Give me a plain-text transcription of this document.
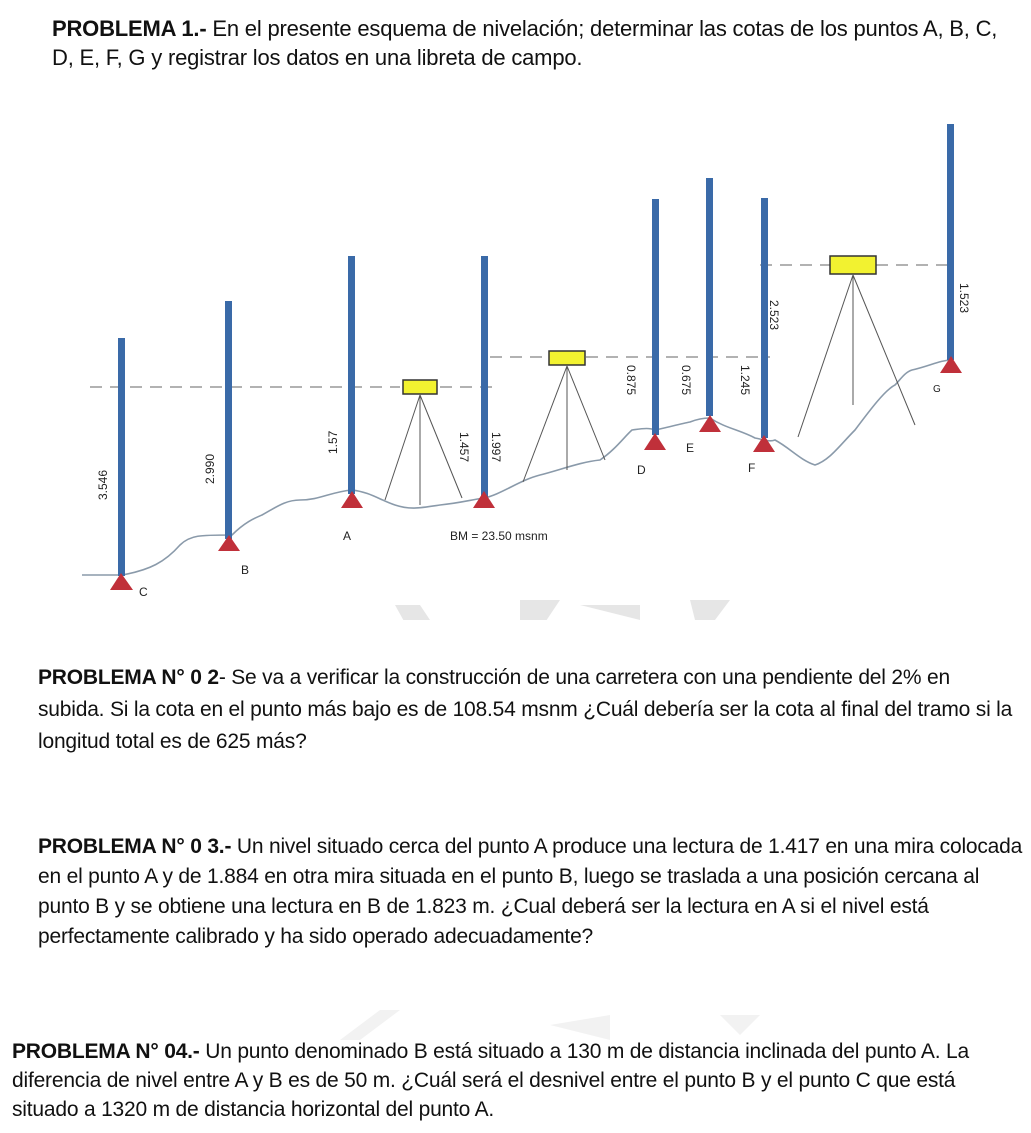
PROBLEMA 1.- En el presente esquema de nivelación; determinar las cotas de los puntos A, B, C, D, E, F, G y registrar los datos en una libreta de campo.
3.546
2.990
1.57	1.457 1.997
0.875	0.675	1.245
2.523
1.523
C
B
A	BM = 23.50 msnm
D
E
F
G
PROBLEMA N° 0 2- Se va a verificar la construcción de una carretera con una pendiente del 2% en subida. Si la cota en el punto más bajo es de 108.54 msnm ¿Cuál debería ser la cota al final del tramo si la longitud total es de 625 más?
PROBLEMA N° 0 3.- Un nivel situado cerca del punto A produce una lectura de 1.417 en una mira colocada en el punto A y de 1.884 en otra mira situada en el punto B, luego se traslada a una posición cercana al punto B y se obtiene una lectura en B de 1.823 m. ¿Cual deberá ser la lectura en A si el nivel está perfectamente calibrado y ha sido operado adecuadamente?
PROBLEMA N° 04.- Un punto denominado B está situado a 130 m de distancia inclinada del punto A. La diferencia de nivel entre A y B es de 50 m. ¿Cuál será el desnivel entre el punto B y el punto C que está situado a 1320 m de distancia horizontal del punto A.
